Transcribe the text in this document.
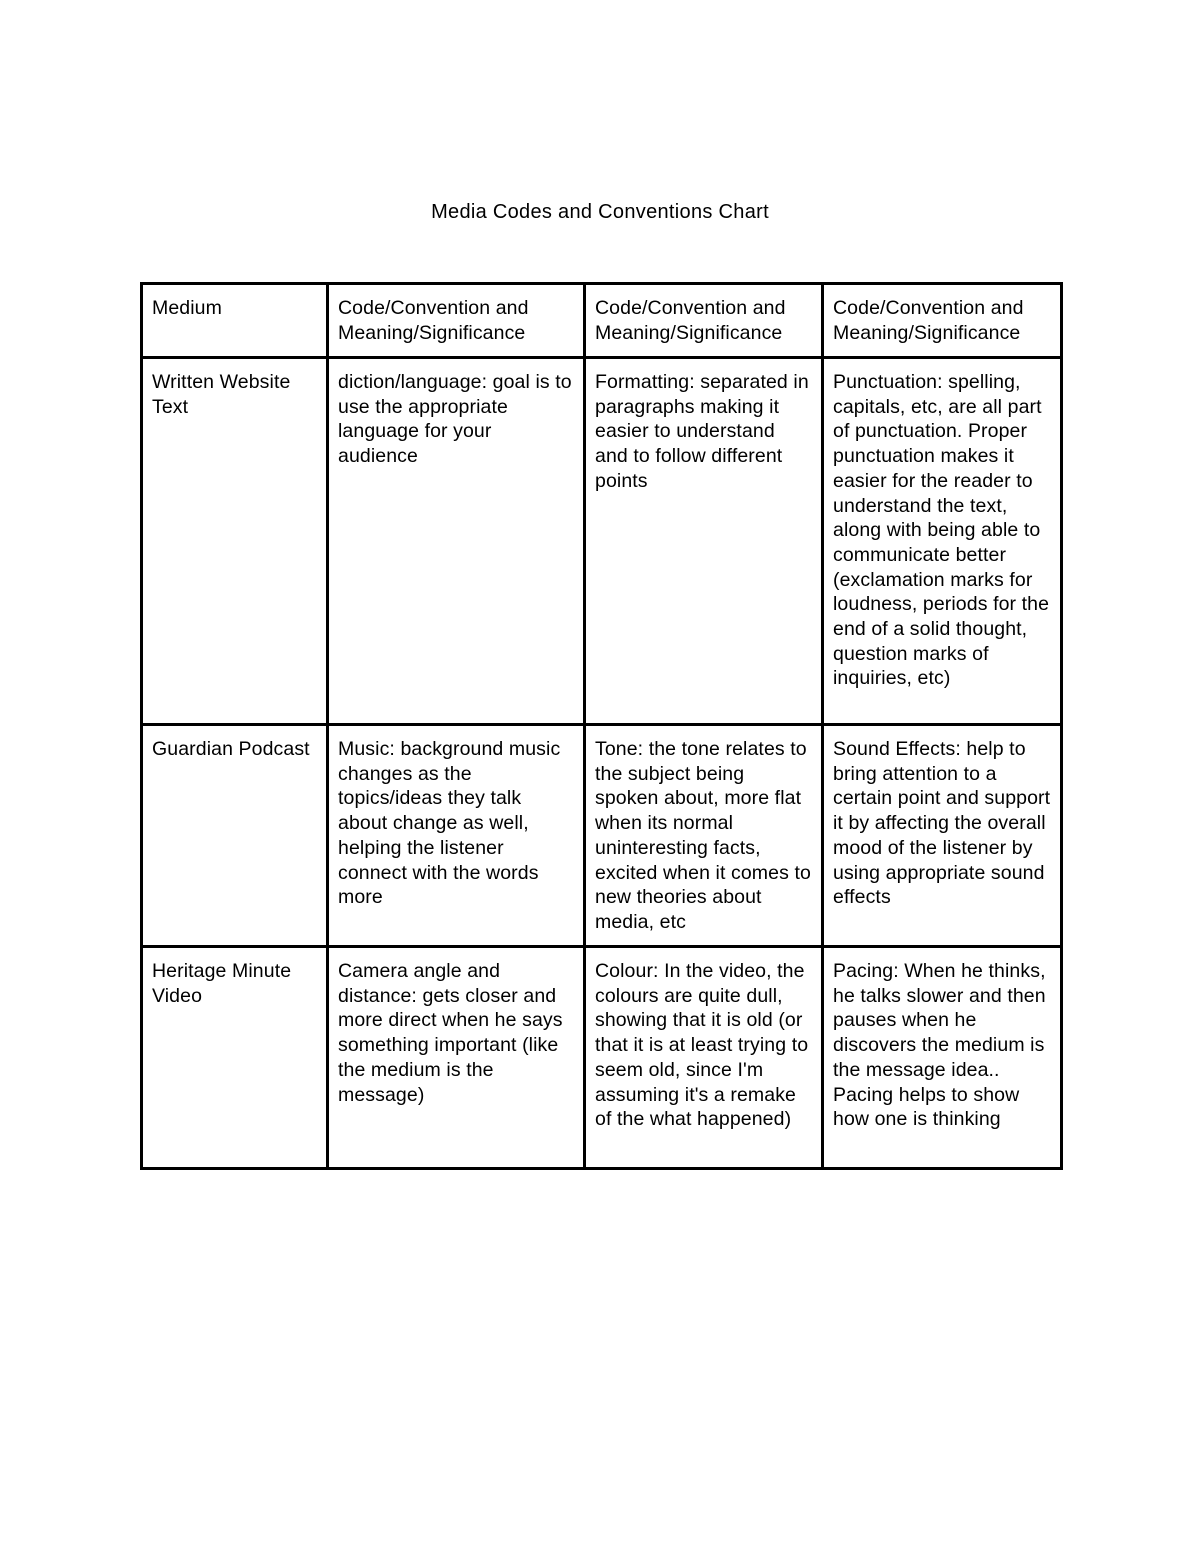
Media Codes and Conventions Chart
Medium	Code/Convention and Meaning/Significance	Code/Convention and Meaning/Significance	Code/Convention and Meaning/Significance
Written Website Text	diction/language: goal is to use the appropriate language for your audience	Formatting: separated in paragraphs making it easier to understand and to follow different points	Punctuation: spelling, capitals, etc, are all part of punctuation. Proper punctuation makes it easier for the reader to understand the text, along with being able to communicate better (exclamation marks for loudness, periods for the end of a solid thought, question marks of inquiries, etc)
Guardian Podcast	Music: background music changes as the topics/ideas they talk about change as well, helping the listener connect with the words more	Tone: the tone relates to the subject being spoken about, more flat when its normal uninteresting facts, excited when it comes to new theories about media, etc	Sound Effects: help to bring attention to a certain point and support it by affecting the overall mood of the listener by using appropriate sound effects
Heritage Minute Video	Camera angle and distance: gets closer and more direct when he says something important (like the medium is the message)	Colour: In the video, the colours are quite dull, showing that it is old (or that it is at least trying to seem old, since I'm assuming it's a remake of the what happened)	Pacing: When he thinks, he talks slower and then pauses when he discovers the medium is the message idea.. Pacing helps to show how one is thinking
